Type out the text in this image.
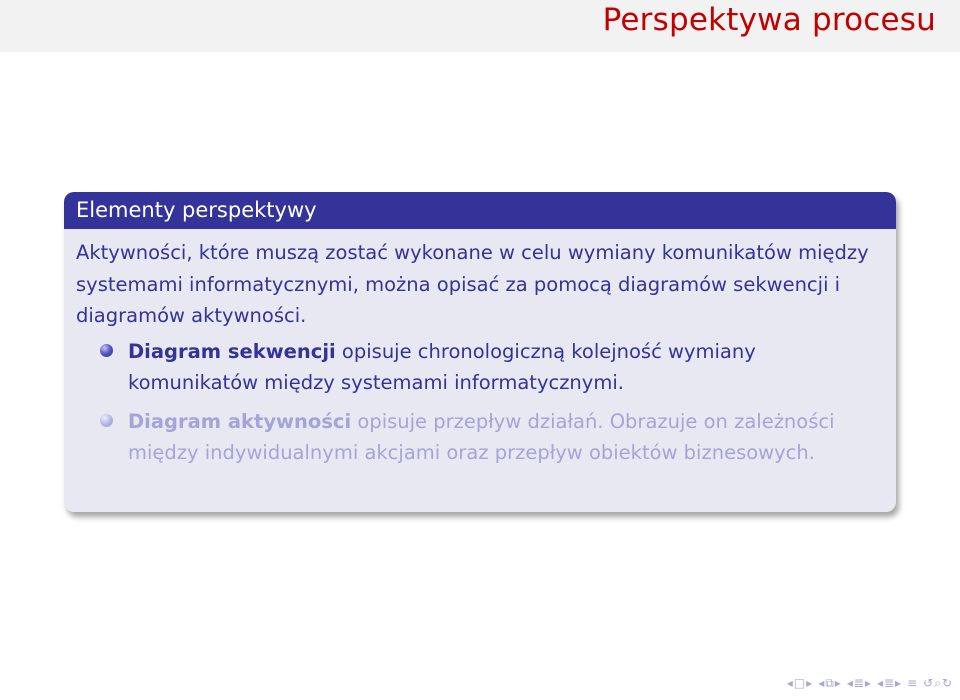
Perspektywa procesu
Elementy perspektywy

Aktywności, które muszą zostać wykonane w celu wymiany komunikatów między systemami informatycznymi, można opisać za pomocą diagramów sekwencji i diagramów aktywności.

Diagram sekwencji opisuje chronologiczną kolejność wymiany komunikatów między systemami informatycznymi.
Diagram aktywności opisuje przepływ działań. Obrazuje on zależności między indywidualnymi akcjami oraz przepływ obiektów biznesowych.
◂ □ ▸ ◂ ⧉ ▸ ◂ ≣ ▸ ◂ ≣ ▸ ≡ ↺ ⌕ ↻
